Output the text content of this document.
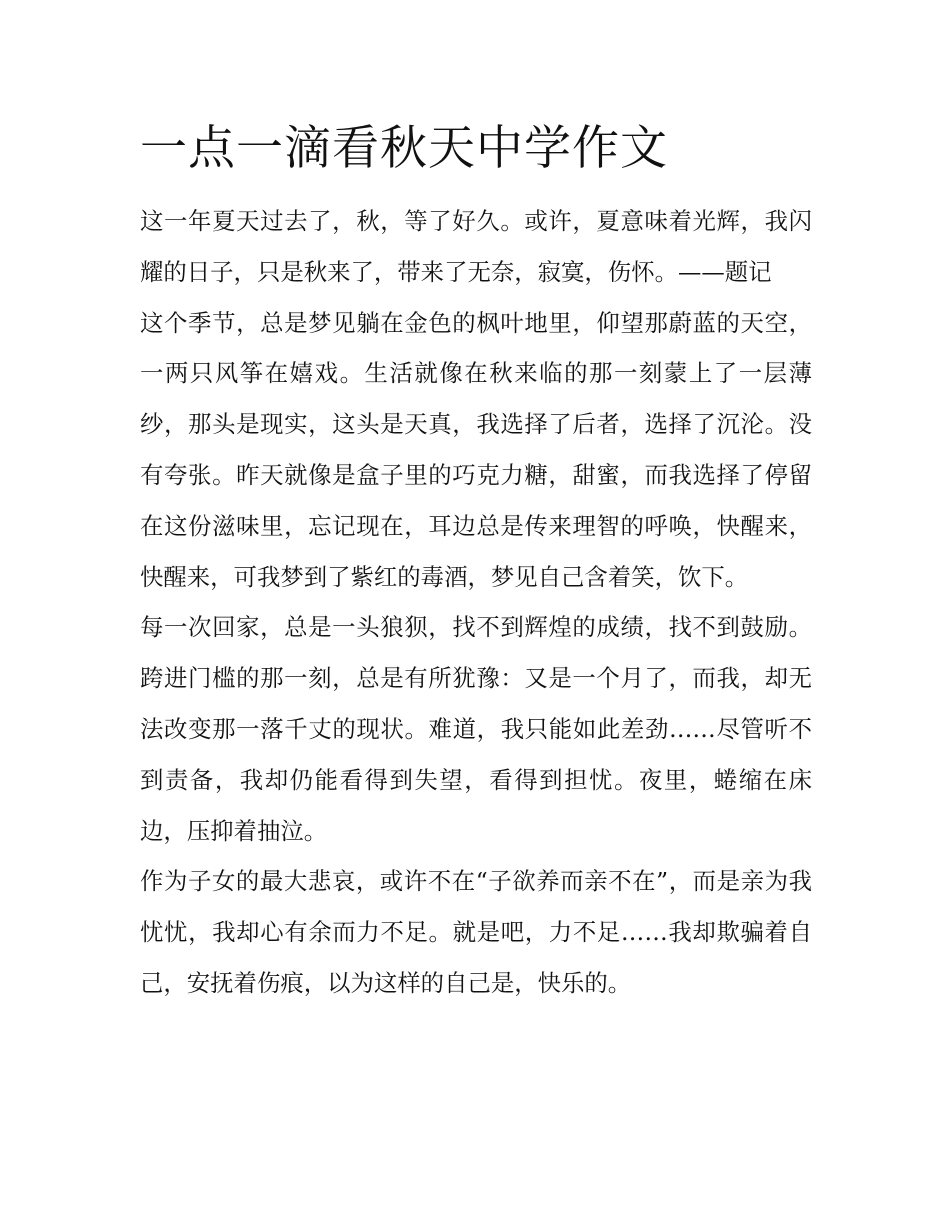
一点一滴看秋天中学作文

这一年夏天过去了，秋，等了好久。或许，夏意味着光辉，我闪耀的日子，只是秋来了，带来了无奈，寂寞，伤怀。——题记

这个季节，总是梦见躺在金色的枫叶地里，仰望那蔚蓝的天空，一两只风筝在嬉戏。生活就像在秋来临的那一刻蒙上了一层薄纱，那头是现实，这头是天真，我选择了后者，选择了沉沦。没有夸张。昨天就像是盒子里的巧克力糖，甜蜜，而我选择了停留在这份滋味里，忘记现在，耳边总是传来理智的呼唤，快醒来，快醒来，可我梦到了紫红的毒酒，梦见自己含着笑，饮下。

每一次回家，总是一头狼狈，找不到辉煌的成绩，找不到鼓励。跨进门槛的那一刻，总是有所犹豫：又是一个月了，而我，却无法改变那一落千丈的现状。难道，我只能如此差劲……尽管听不到责备，我却仍能看得到失望，看得到担忧。夜里，蜷缩在床边，压抑着抽泣。

作为子女的最大悲哀，或许不在“子欲养而亲不在”，而是亲为我忧忧，我却心有余而力不足。就是吧，力不足……我却欺骗着自己，安抚着伤痕，以为这样的自己是，快乐的。
